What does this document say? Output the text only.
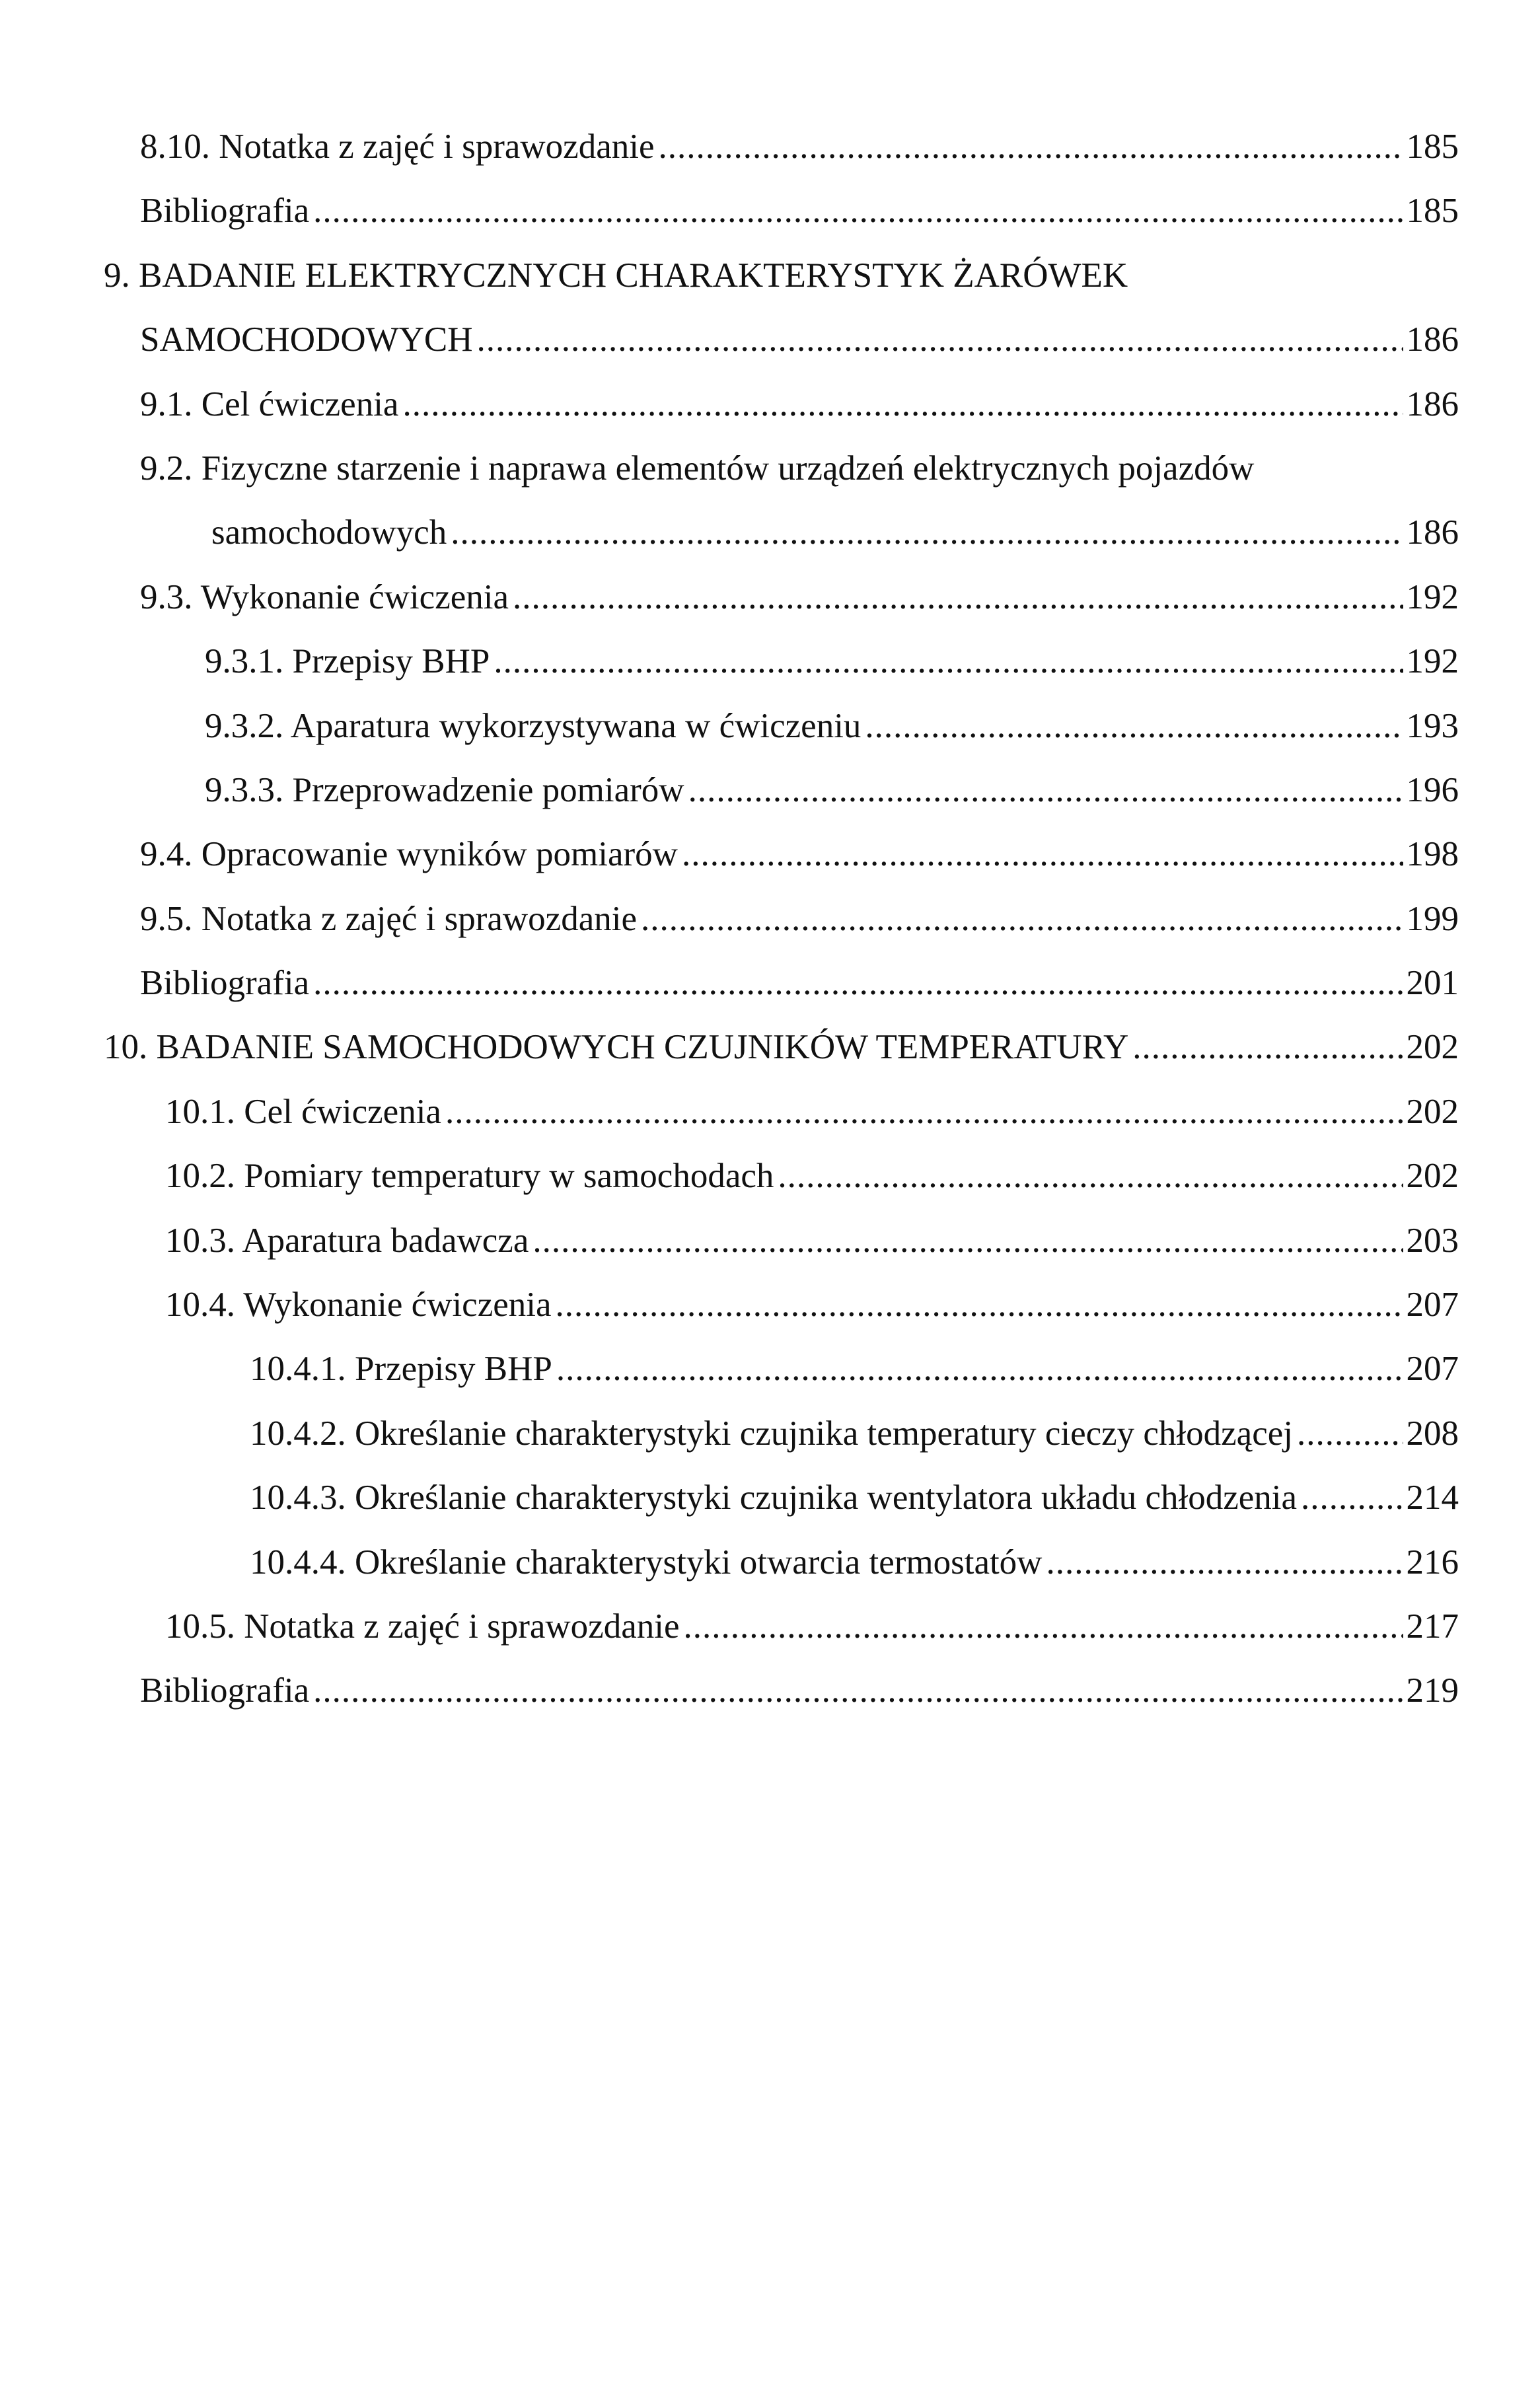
8.10. Notatka z zajęć i sprawozdanie .....	185
Bibliografia .....	185
9. BADANIE ELEKTRYCZNYCH CHARAKTERYSTYK ŻARÓWEK
SAMOCHODOWYCH .....	186
9.1. Cel ćwiczenia .....	186
9.2. Fizyczne starzenie i naprawa elementów urządzeń elektrycznych pojazdów
samochodowych .....	186
9.3. Wykonanie ćwiczenia .....	192
9.3.1. Przepisy BHP .....	192
9.3.2. Aparatura wykorzystywana w ćwiczeniu .....	193
9.3.3. Przeprowadzenie pomiarów .....	196
9.4. Opracowanie wyników pomiarów .....	198
9.5. Notatka z zajęć i sprawozdanie .....	199
Bibliografia .....	201
10. BADANIE SAMOCHODOWYCH CZUJNIKÓW TEMPERATURY .....	202
10.1. Cel ćwiczenia .....	202
10.2. Pomiary temperatury w samochodach .....	202
10.3. Aparatura badawcza .....	203
10.4. Wykonanie ćwiczenia .....	207
10.4.1. Przepisy BHP .....	207
10.4.2. Określanie charakterystyki czujnika temperatury cieczy chłodzącej .....	208
10.4.3. Określanie charakterystyki czujnika wentylatora układu chłodzenia .....	214
10.4.4. Określanie charakterystyki otwarcia termostatów .....	216
10.5. Notatka z zajęć i sprawozdanie .....	217
Bibliografia .....	219
